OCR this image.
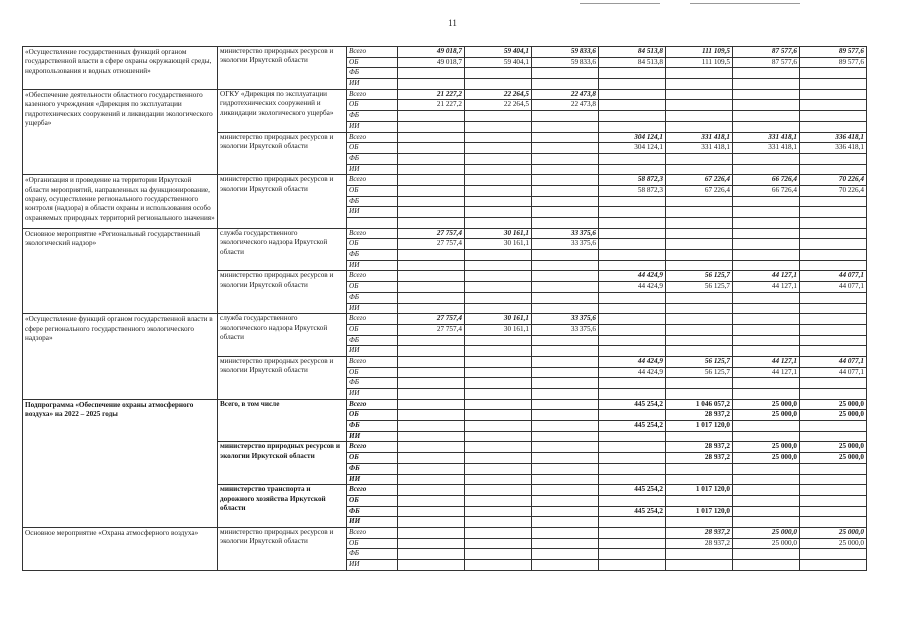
11
«Осуществление государственных функций органом государственной власти в сфере охраны окружающей среды, недропользования и водных отношений»	министерство природных ресурсов и экологии Иркутской области	Всего	49 018,7	59 404,1	59 833,6	84 513,8	111 109,5	87 577,6	89 577,6
		ОБ	49 018,7	59 404,1	59 833,6	84 513,8	111 109,5	87 577,6	89 577,6
		ФБ							
		ИИ							
«Обеспечение деятельности областного государственного казенного учреждения «Дирекция по эксплуатации гидротехнических сооружений и ликвидации экологического ущерба»	ОГКУ «Дирекция по эксплуатации гидротехнических сооружений и ликвидации экологического ущерба»	Всего	21 227,2	22 264,5	22 473,8				
		ОБ	21 227,2	22 264,5	22 473,8				
		ФБ							
		ИИ							
	министерство природных ресурсов и экологии Иркутской области	Всего				304 124,1	331 418,1	331 418,1	336 418,1
		ОБ				304 124,1	331 418,1	331 418,1	336 418,1
		ФБ							
		ИИ							
«Организация и проведение на территории Иркутской области мероприятий, направленных на функционирование, охрану, осуществление регионального государственного контроля (надзора) в области охраны и использования особо охраняемых природных территорий регионального значения»	министерство природных ресурсов и экологии Иркутской области	Всего				58 872,3	67 226,4	66 726,4	70 226,4
		ОБ				58 872,3	67 226,4	66 726,4	70 226,4
		ФБ							
		ИИ							

Основное мероприятие «Региональный государственный экологический надзор»	служба государственного экологического надзора Иркутской области	Всего	27 757,4	30 161,1	33 375,6				
		ОБ	27 757,4	30 161,1	33 375,6				
		ФБ							
		ИИ							
	министерство природных ресурсов и экологии Иркутской области	Всего				44 424,9	56 125,7	44 127,1	44 077,1
		ОБ				44 424,9	56 125,7	44 127,1	44 077,1
		ФБ							
		ИИ							
«Осуществление функций органом государственной власти в сфере регионального государственного экологического надзора»	служба государственного экологического надзора Иркутской области	Всего	27 757,4	30 161,1	33 375,6				
		ОБ	27 757,4	30 161,1	33 375,6				
		ФБ							
		ИИ							
	министерство природных ресурсов и экологии Иркутской области	Всего				44 424,9	56 125,7	44 127,1	44 077,1
		ОБ				44 424,9	56 125,7	44 127,1	44 077,1
		ФБ							
		ИИ							
Подпрограмма «Обеспечение охраны атмосферного воздуха» на 2022 – 2025 годы	Всего, в том числе	Всего				445 254,2	1 046 057,2	25 000,0	25 000,0
		ОБ					28 937,2	25 000,0	25 000,0
		ФБ				445 254,2	1 017 120,0		
		ИИ							
	министерство природных ресурсов и экологии Иркутской области	Всего					28 937,2	25 000,0	25 000,0
		ОБ					28 937,2	25 000,0	25 000,0
		ФБ							
		ИИ							
	министерство транспорта и дорожного хозяйства Иркутской области	Всего				445 254,2	1 017 120,0		
		ОБ							
		ФБ				445 254,2	1 017 120,0		
		ИИ							
Основное мероприятие «Охрана атмосферного воздуха»	министерство природных ресурсов и экологии Иркутской области	Всего					28 937,2	25 000,0	25 000,0
		ОБ					28 937,2	25 000,0	25 000,0
		ФБ							
		ИИ							
